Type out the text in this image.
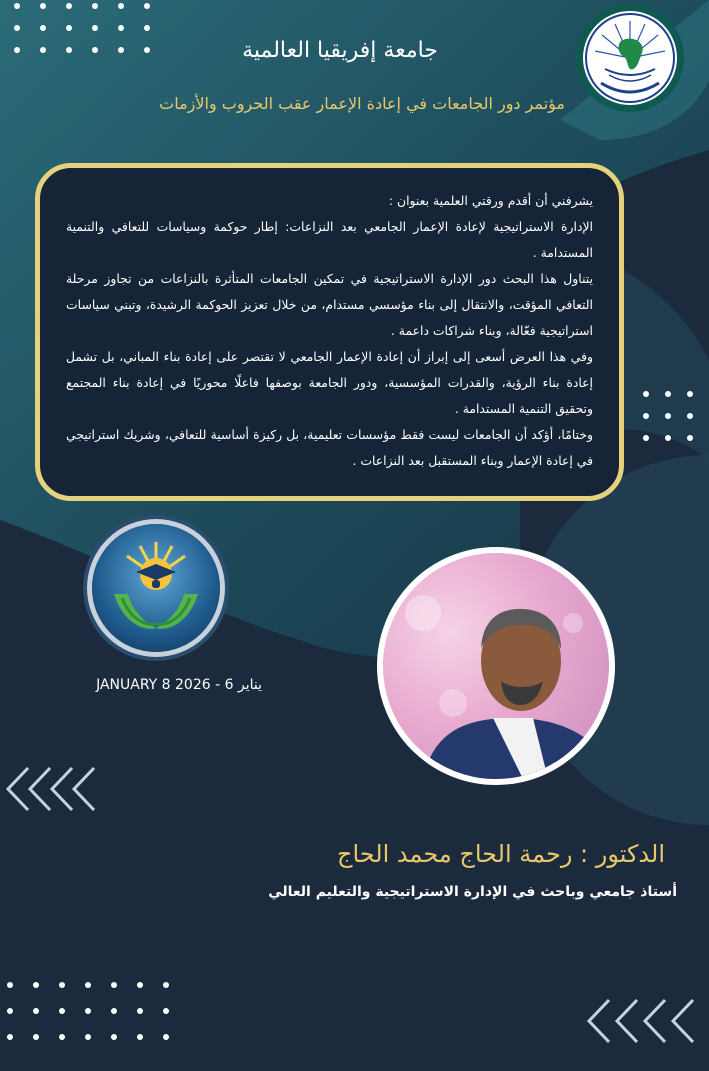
جامعة إفريقيا العالمية
مؤتمر دور الجامعات في إعادة الإعمار عقب الحروب والأزمات

يشرفني أن أقدم ورقتي العلمية بعنوان :

الإدارة الاستراتيجية لإعادة الإعمار الجامعي بعد النزاعات: إطار حوكمة وسياسات للتعافي والتنمية المستدامة .

يتناول هذا البحث دور الإدارة الاستراتيجية في تمكين الجامعات المتأثرة بالنزاعات من تجاوز مرحلة التعافي المؤقت، والانتقال إلى بناء مؤسسي مستدام، من خلال تعزيز الحوكمة الرشيدة، وتبني سياسات استراتيجية فعّالة، وبناء شراكات داعمة .

وفي هذا العرض أسعى إلى إبراز أن إعادة الإعمار الجامعي لا تقتصر على إعادة بناء المباني، بل تشمل إعادة بناء الرؤية، والقدرات المؤسسية، ودور الجامعة بوصفها فاعلًا محوريًا في إعادة بناء المجتمع وتحقيق التنمية المستدامة .

وختامًا، أؤكد أن الجامعات ليست فقط مؤسسات تعليمية، بل ركيزة أساسية للتعافي، وشريك استراتيجي في إعادة الإعمار وبناء المستقبل بعد النزاعات .

يناير 6 - 2026 JANUARY 8
الدكتور : رحمة الحاج محمد الحاج
أستاذ جامعي وباحث في الإدارة الاستراتيجية والتعليم العالي
